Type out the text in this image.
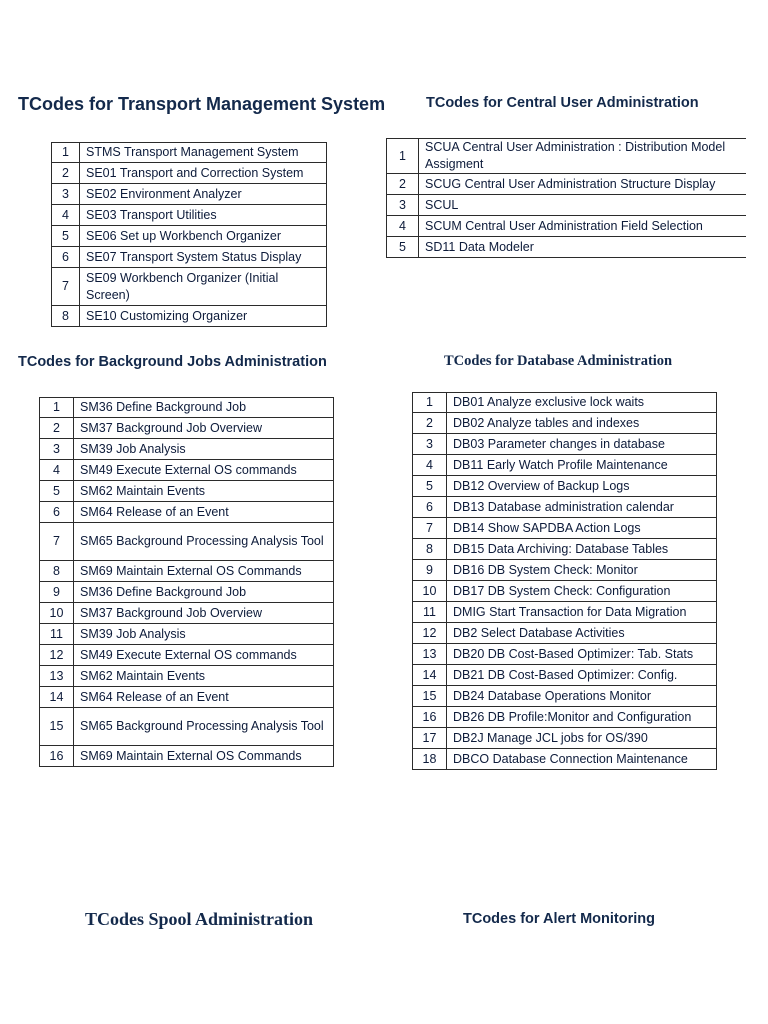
TCodes for Transport Management System	TCodes for Central User Administration
TCodes for Background Jobs Administration	TCodes for Database Administration
TCodes Spool Administration	TCodes for Alert Monitoring
1	STMS Transport Management System
2	SE01 Transport and Correction System
3	SE02 Environment Analyzer
4	SE03 Transport Utilities
5	SE06 Set up Workbench Organizer
6	SE07 Transport System Status Display
7	SE09 Workbench Organizer (Initial Screen)
8	SE10 Customizing Organizer
1	SCUA Central User Administration : Distribution Model Assigment
2	SCUG Central User Administration Structure Display
3	SCUL
4	SCUM Central User Administration Field Selection
5	SD11 Data Modeler
1	SM36 Define Background Job
2	SM37 Background Job Overview
3	SM39 Job Analysis
4	SM49 Execute External OS commands
5	SM62 Maintain Events
6	SM64 Release of an Event
7	SM65 Background Processing Analysis Tool
8	SM69 Maintain External OS Commands
9	SM36 Define Background Job
10	SM37 Background Job Overview
11	SM39 Job Analysis
12	SM49 Execute External OS commands
13	SM62 Maintain Events
14	SM64 Release of an Event
15	SM65 Background Processing Analysis Tool
16	SM69 Maintain External OS Commands
1	DB01 Analyze exclusive lock waits
2	DB02 Analyze tables and indexes
3	DB03 Parameter changes in database
4	DB11 Early Watch Profile Maintenance
5	DB12 Overview of Backup Logs
6	DB13 Database administration calendar
7	DB14 Show SAPDBA Action Logs
8	DB15 Data Archiving: Database Tables
9	DB16 DB System Check: Monitor
10	DB17 DB System Check: Configuration
11	DMIG Start Transaction for Data Migration
12	DB2 Select Database Activities
13	DB20 DB Cost-Based Optimizer: Tab. Stats
14	DB21 DB Cost-Based Optimizer: Config.
15	DB24 Database Operations Monitor
16	DB26 DB Profile:Monitor and Configuration
17	DB2J Manage JCL jobs for OS/390
18	DBCO Database Connection Maintenance
